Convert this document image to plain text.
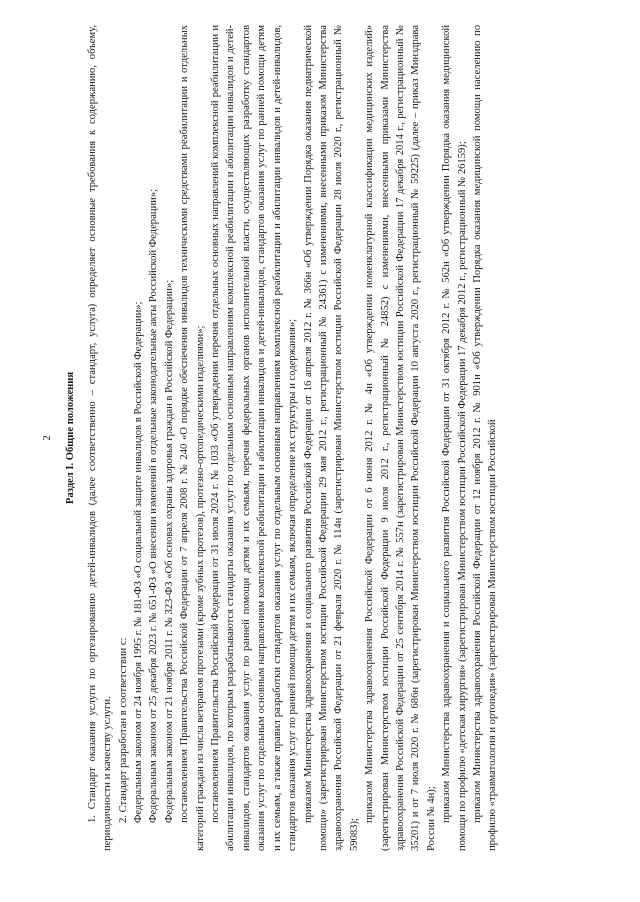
2 Раздел I. Общие положения 1. Стандарт оказания услуги по ортезированию детей-инвалидов (далее соответственно – стандарт, услуга) определяет основные требования к содержанию, объему, периодичности и качеству услуги. 2. Стандарт разработан в соответствии с: Федеральным законом от 24 ноября 1995 г. № 181-ФЗ «О социальной защите инвалидов в Российской Федерации»; Федеральным законом от 25 декабря 2023 г. № 651-ФЗ «О внесении изменений в отдельные законодательные акты Российской Федерации»; Федеральным законом от 21 ноября 2011 г. № 323-ФЗ «Об основах охраны здоровья граждан в Российской Федерации»; постановлением Правительства Российской Федерации от 7 апреля 2008 г. № 240 «О порядке обеспечения инвалидов техническими средствами реабилитации и отдельных категорий граждан из числа ветеранов протезами (кроме зубных протезов), протезно-ортопедическими изделиями»; постановлением Правительства Российской Федерации от 31 июля 2024 г. № 1033 «Об утверждении перечня отдельных основных направлений комплексной реабилитации и абилитации инвалидов, по которым разрабатываются стандарты оказания услуг по отдельным основным направлениям комплексной реабилитации и абилитации инвалидов и детей-инвалидов, стандартов оказания услуг по ранней помощи детям и их семьям, перечня федеральных органов исполнительной власти, осуществляющих разработку стандартов оказания услуг по отдельным основным направлениям комплексной реабилитации и абилитации инвалидов и детей-инвалидов, стандартов оказания услуг по ранней помощи детям и их семьям, а также правил разработки стандартов оказания услуг по отдельным основным направлениям комплексной реабилитации и абилитации инвалидов и детей-инвалидов, стандартов оказания услуг по ранней помощи детям и их семьям, включая определение их структуры и содержания»; приказом Министерства здравоохранения и социального развития Российской Федерации от 16 апреля 2012 г. № 366н «Об утверждении Порядка оказания педиатрической помощи» (зарегистрирован Министерством юстиции Российской Федерации 29 мая 2012 г., регистрационный № 24361) с изменениями, внесенными приказом Министерства здравоохранения Российской Федерации от 21 февраля 2020 г. № 114н (зарегистрирован Министерством юстиции Российской Федерации 28 июля 2020 г., регистрационный № 59083);

приказом Министерства здравоохранения Российской Федерации от 6 июня 2012 г. № 4н «Об утверждении номенклатурной классификации медицинских изделий» (зарегистрирован Министерством юстиции Российской Федерации 9 июля 2012 г., регистрационный № 24852) с изменениями, внесенными приказами Министерства здравоохранения Российской Федерации от 25 сентября 2014 г. № 557н (зарегистрирован Министерством юстиции Российской Федерации 17 декабря 2014 г., регистрационный № 35201) и от 7 июля 2020 г. № 686н (зарегистрирован Министерством юстиции Российской Федерации 10 августа 2020 г., регистрационный № 59225) (далее – приказ Минздрава России № 4н); приказом Министерства здравоохранения и социального развития Российской Федерации от 31 октября 2012 г. № 562н «Об утверждении Порядка оказания медицинской помощи по профилю «детская хирургия» (зарегистрирован Министерством юстиции Российской Федерации 17 декабря 2012 г., регистрационный № 26159); приказом Министерства здравоохранения Российской Федерации от 12 ноября 2012 г. № 901н «Об утверждении Порядка оказания медицинской помощи населению по профилю «травматология и ортопедия» (зарегистрирован Министерством юстиции Российской
